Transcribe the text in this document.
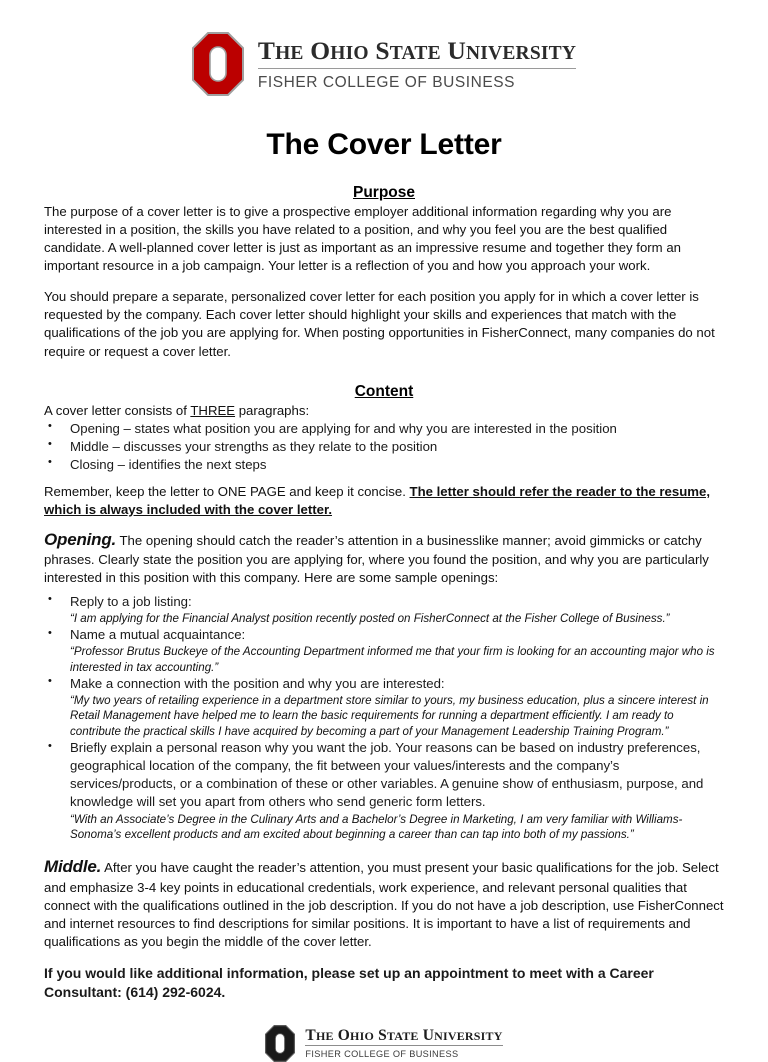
THE OHIO STATE UNIVERSITY
FISHER COLLEGE OF BUSINESS
The Cover Letter
Purpose

The purpose of a cover letter is to give a prospective employer additional information regarding why you are interested in a position, the skills you have related to a position, and why you feel you are the best qualified candidate. A well-planned cover letter is just as important as an impressive resume and together they form an important resource in a job campaign. Your letter is a reflection of you and how you approach your work.

You should prepare a separate, personalized cover letter for each position you apply for in which a cover letter is requested by the company. Each cover letter should highlight your skills and experiences that match with the qualifications of the job you are applying for. When posting opportunities in FisherConnect, many companies do not require or request a cover letter.

Content

A cover letter consists of THREE paragraphs:

• Opening – states what position you are applying for and why you are interested in the position
• Middle – discusses your strengths as they relate to the position
• Closing – identifies the next steps

Remember, keep the letter to ONE PAGE and keep it concise. The letter should refer the reader to the resume, which is always included with the cover letter.

Opening. The opening should catch the reader’s attention in a businesslike manner; avoid gimmicks or catchy phrases. Clearly state the position you are applying for, where you found the position, and why you are particularly interested in this position with this company. Here are some sample openings:

• Reply to a job listing:
“I am applying for the Financial Analyst position recently posted on FisherConnect at the Fisher College of Business.”
• Name a mutual acquaintance:
“Professor Brutus Buckeye of the Accounting Department informed me that your firm is looking for an accounting major who is interested in tax accounting.”
• Make a connection with the position and why you are interested:
“My two years of retailing experience in a department store similar to yours, my business education, plus a sincere interest in Retail Management have helped me to learn the basic requirements for running a department efficiently. I am ready to contribute the practical skills I have acquired by becoming a part of your Management Leadership Training Program.”
• Briefly explain a personal reason why you want the job. Your reasons can be based on industry preferences, geographical location of the company, the fit between your values/interests and the company’s services/products, or a combination of these or other variables. A genuine show of enthusiasm, purpose, and knowledge will set you apart from others who send generic form letters.
“With an Associate’s Degree in the Culinary Arts and a Bachelor’s Degree in Marketing, I am very familiar with Williams-Sonoma’s excellent products and am excited about beginning a career than can tap into both of my passions.”

Middle. After you have caught the reader’s attention, you must present your basic qualifications for the job. Select and emphasize 3-4 key points in educational credentials, work experience, and relevant personal qualities that connect with the qualifications outlined in the job description. If you do not have a job description, use FisherConnect and internet resources to find descriptions for similar positions. It is important to have a list of requirements and qualifications as you begin the middle of the cover letter.

If you would like additional information, please set up an appointment to meet with a Career Consultant: (614) 292-6024.

THE OHIO STATE UNIVERSITY
FISHER COLLEGE OF BUSINESS
